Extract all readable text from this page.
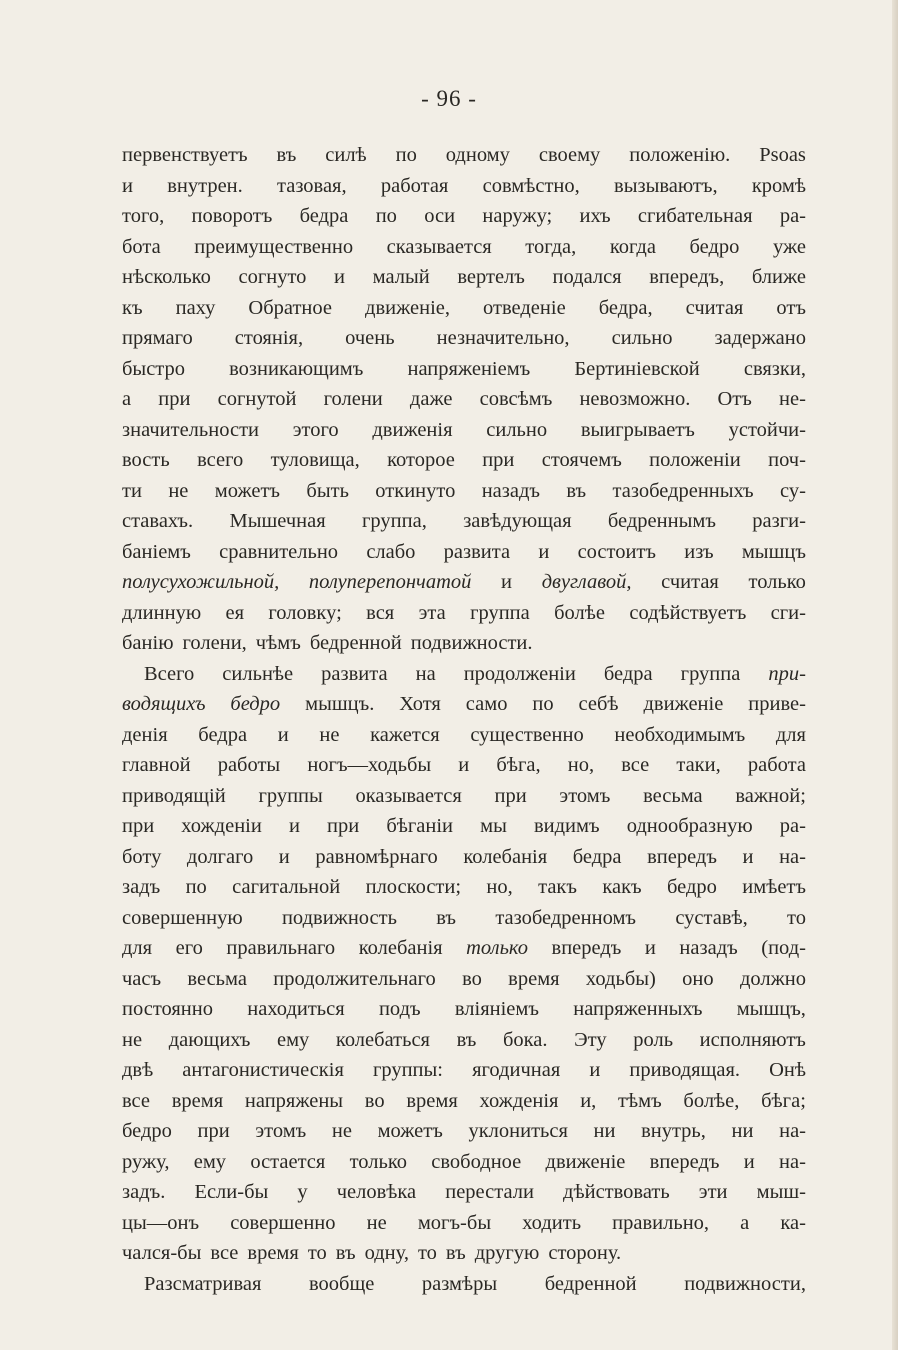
- 96 -
первенствуетъ въ силѣ по одному своему положенію. Psoas
и внутрен. тазовая, работая совмѣстно, вызываютъ, кромѣ
того, поворотъ бедра по оси наружу; ихъ сгибательная ра-
бота преимущественно сказывается тогда, когда бедро уже
нѣсколько согнуто и малый вертелъ подался впередъ, ближе
къ паху Обратное движеніе, отведеніе бедра, считая отъ
прямаго стоянія, очень незначительно, сильно задержано
быстро возникающимъ напряженіемъ Бертиніевской связки,
а при согнутой голени даже совсѣмъ невозможно. Отъ не-
значительности этого движенія сильно выигрываетъ устойчи-
вость всего туловища, которое при стоячемъ положеніи поч-
ти не можетъ быть откинуто назадъ въ тазобедренныхъ су-
ставахъ. Мышечная группа, завѣдующая бедреннымъ разги-
баніемъ сравнительно слабо развита и состоитъ изъ мышцъ
полусухожильной, полуперепончатой и двуглавой, считая только
длинную ея головку; вся эта группа болѣе содѣйствуетъ сги-
банію голени, чѣмъ бедренной подвижности.
Всего сильнѣе развита на продолженіи бедра группа при-
водящихъ бедро мышцъ. Хотя само по себѣ движеніе приве-
денія бедра и не кажется существенно необходимымъ для
главной работы ногъ—ходьбы и бѣга, но, все таки, работа
приводящій группы оказывается при этомъ весьма важной;
при хожденіи и при бѣганіи мы видимъ однообразную ра-
боту долгаго и равномѣрнаго колебанія бедра впередъ и на-
задъ по сагитальной плоскости; но, такъ какъ бедро имѣетъ
совершенную подвижность въ тазобедренномъ суставѣ, то
для его правильнаго колебанія только впередъ и назадъ (под-
часъ весьма продолжительнаго во время ходьбы) оно должно
постоянно находиться подъ вліяніемъ напряженныхъ мышцъ,
не дающихъ ему колебаться въ бока. Эту роль исполняютъ
двѣ антагонистическія группы: ягодичная и приводящая. Онѣ
все время напряжены во время хожденія и, тѣмъ болѣе, бѣга;
бедро при этомъ не можетъ уклониться ни внутрь, ни на-
ружу, ему остается только свободное движеніе впередъ и на-
задъ. Если-бы у человѣка перестали дѣйствовать эти мыш-
цы—онъ совершенно не могъ-бы ходить правильно, а ка-
чался-бы все время то въ одну, то въ другую сторону.
Разсматривая вообще размѣры бедренной подвижности,
